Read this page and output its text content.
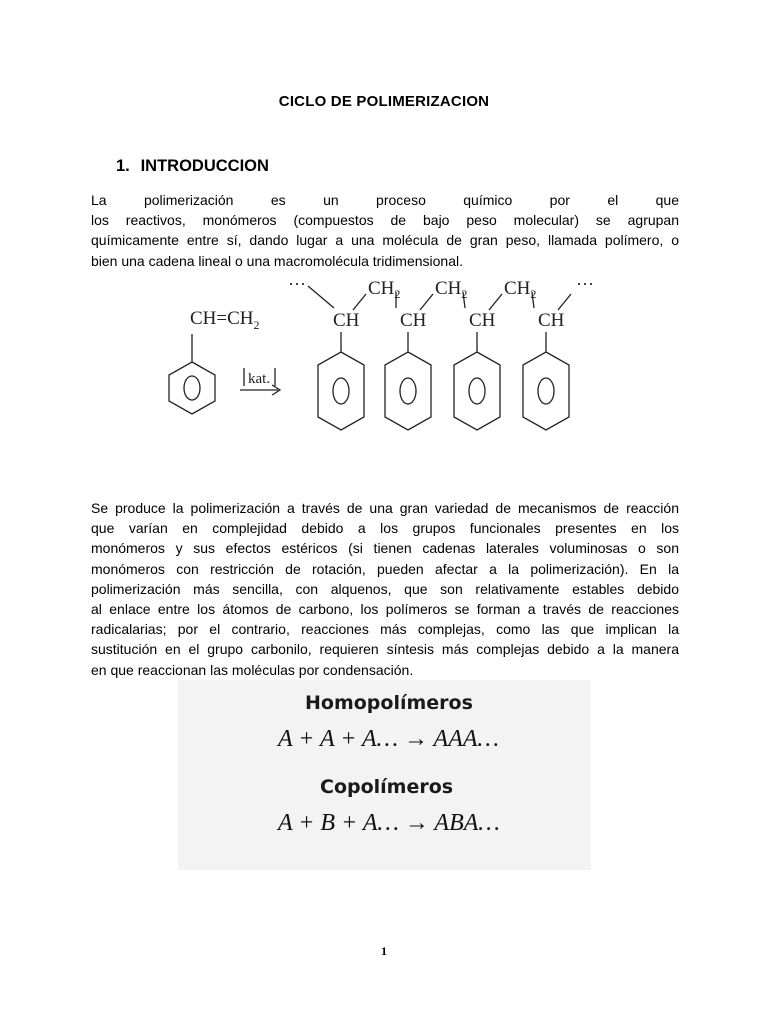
CICLO DE POLIMERIZACION
1. INTRODUCCION
La polimerización es un proceso químico por el que
los reactivos, monómeros (compuestos de bajo peso molecular) se agrupan
químicamente entre sí, dando lugar a una molécula de gran peso, llamada polímero, o
bien una cadena lineal o una macromolécula tridimensional.
CH
$CH_2$
CH
$CH_2$
CH
$CH_2$
CH
$CH=CH_2$
kat.
···	···
Se produce la polimerización a través de una gran variedad de mecanismos de reacción
que varían en complejidad debido a los grupos funcionales presentes en los
monómeros y sus efectos estéricos (si tienen cadenas laterales voluminosas o son
monómeros con restricción de rotación, pueden afectar a la polimerización). En la
polimerización más sencilla, con alquenos, que son relativamente estables debido
al enlace entre los átomos de carbono, los polímeros se forman a través de reacciones
radicalarias; por el contrario, reacciones más complejas, como las que implican la
sustitución en el grupo carbonilo, requieren síntesis más complejas debido a la manera
en que reaccionan las moléculas por condensación.
Homopolímeros
A + A + A… → AAA…
Copolímeros
A + B + A… → ABA…
1
